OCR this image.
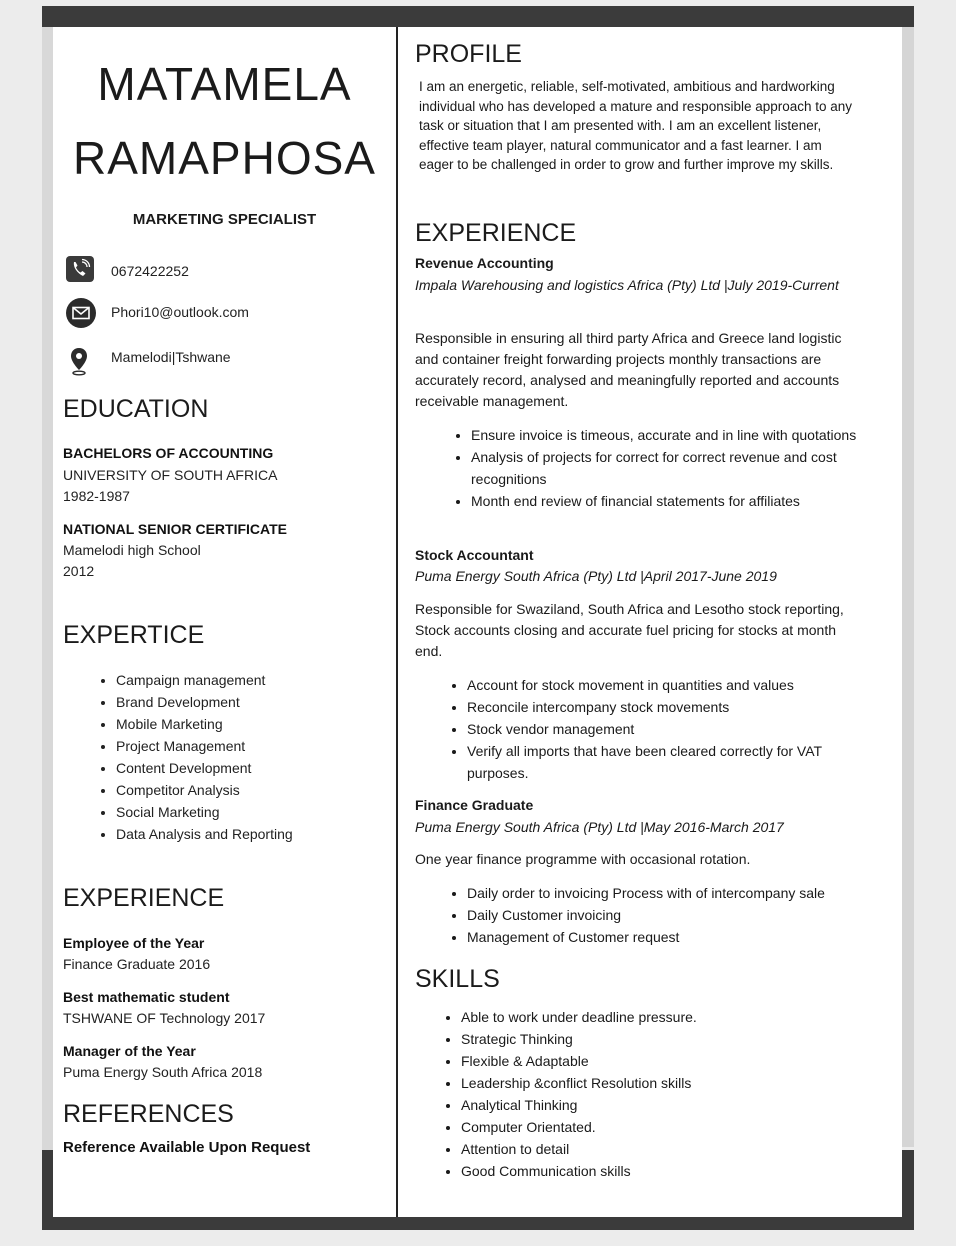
MATAMELA
RAMAPHOSA
MARKETING SPECIALIST
0672422252
Phori10@outlook.com
Mamelodi|Tshwane
EDUCATION
BACHELORS OF ACCOUNTING
UNIVERSITY OF SOUTH AFRICA
1982-1987
NATIONAL SENIOR CERTIFICATE
Mamelodi high School
2012
EXPERTICE
• Campaign management
• Brand Development
• Mobile Marketing
• Project Management
• Content Development
• Competitor Analysis
• Social Marketing
• Data Analysis and Reporting
EXPERIENCE
Employee of the Year
Finance Graduate 2016
Best mathematic student
TSHWANE OF Technology 2017
Manager of the Year
Puma Energy South Africa 2018
REFERENCES
Reference Available Upon Request
PROFILE
I am an energetic, reliable, self-motivated, ambitious and hardworking individual who has developed a mature and responsible approach to any task or situation that I am presented with. I am an excellent listener, effective team player, natural communicator and a fast learner. I am eager to be challenged in order to grow and further improve my skills.
EXPERIENCE
Revenue Accounting
Impala Warehousing and logistics Africa (Pty) Ltd |July 2019-Current
Responsible in ensuring all third party Africa and Greece land logistic and container freight forwarding projects monthly transactions are accurately record, analysed and meaningfully reported and accounts receivable management.
• Ensure invoice is timeous, accurate and in line with quotations
• Analysis of projects for correct for correct revenue and cost recognitions
• Month end review of financial statements for affiliates
Stock Accountant
Puma Energy South Africa (Pty) Ltd |April 2017-June 2019
Responsible for Swaziland, South Africa and Lesotho stock reporting, Stock accounts closing and accurate fuel pricing for stocks at month end.
• Account for stock movement in quantities and values
• Reconcile intercompany stock movements
• Stock vendor management
• Verify all imports that have been cleared correctly for VAT purposes.
Finance Graduate
Puma Energy South Africa (Pty) Ltd |May 2016-March 2017
One year finance programme with occasional rotation.
• Daily order to invoicing Process with of intercompany sale
• Daily Customer invoicing
• Management of Customer request
SKILLS
• Able to work under deadline pressure.
• Strategic Thinking
• Flexible & Adaptable
• Leadership &conflict Resolution skills
• Analytical Thinking
• Computer Orientated.
• Attention to detail
• Good Communication skills
